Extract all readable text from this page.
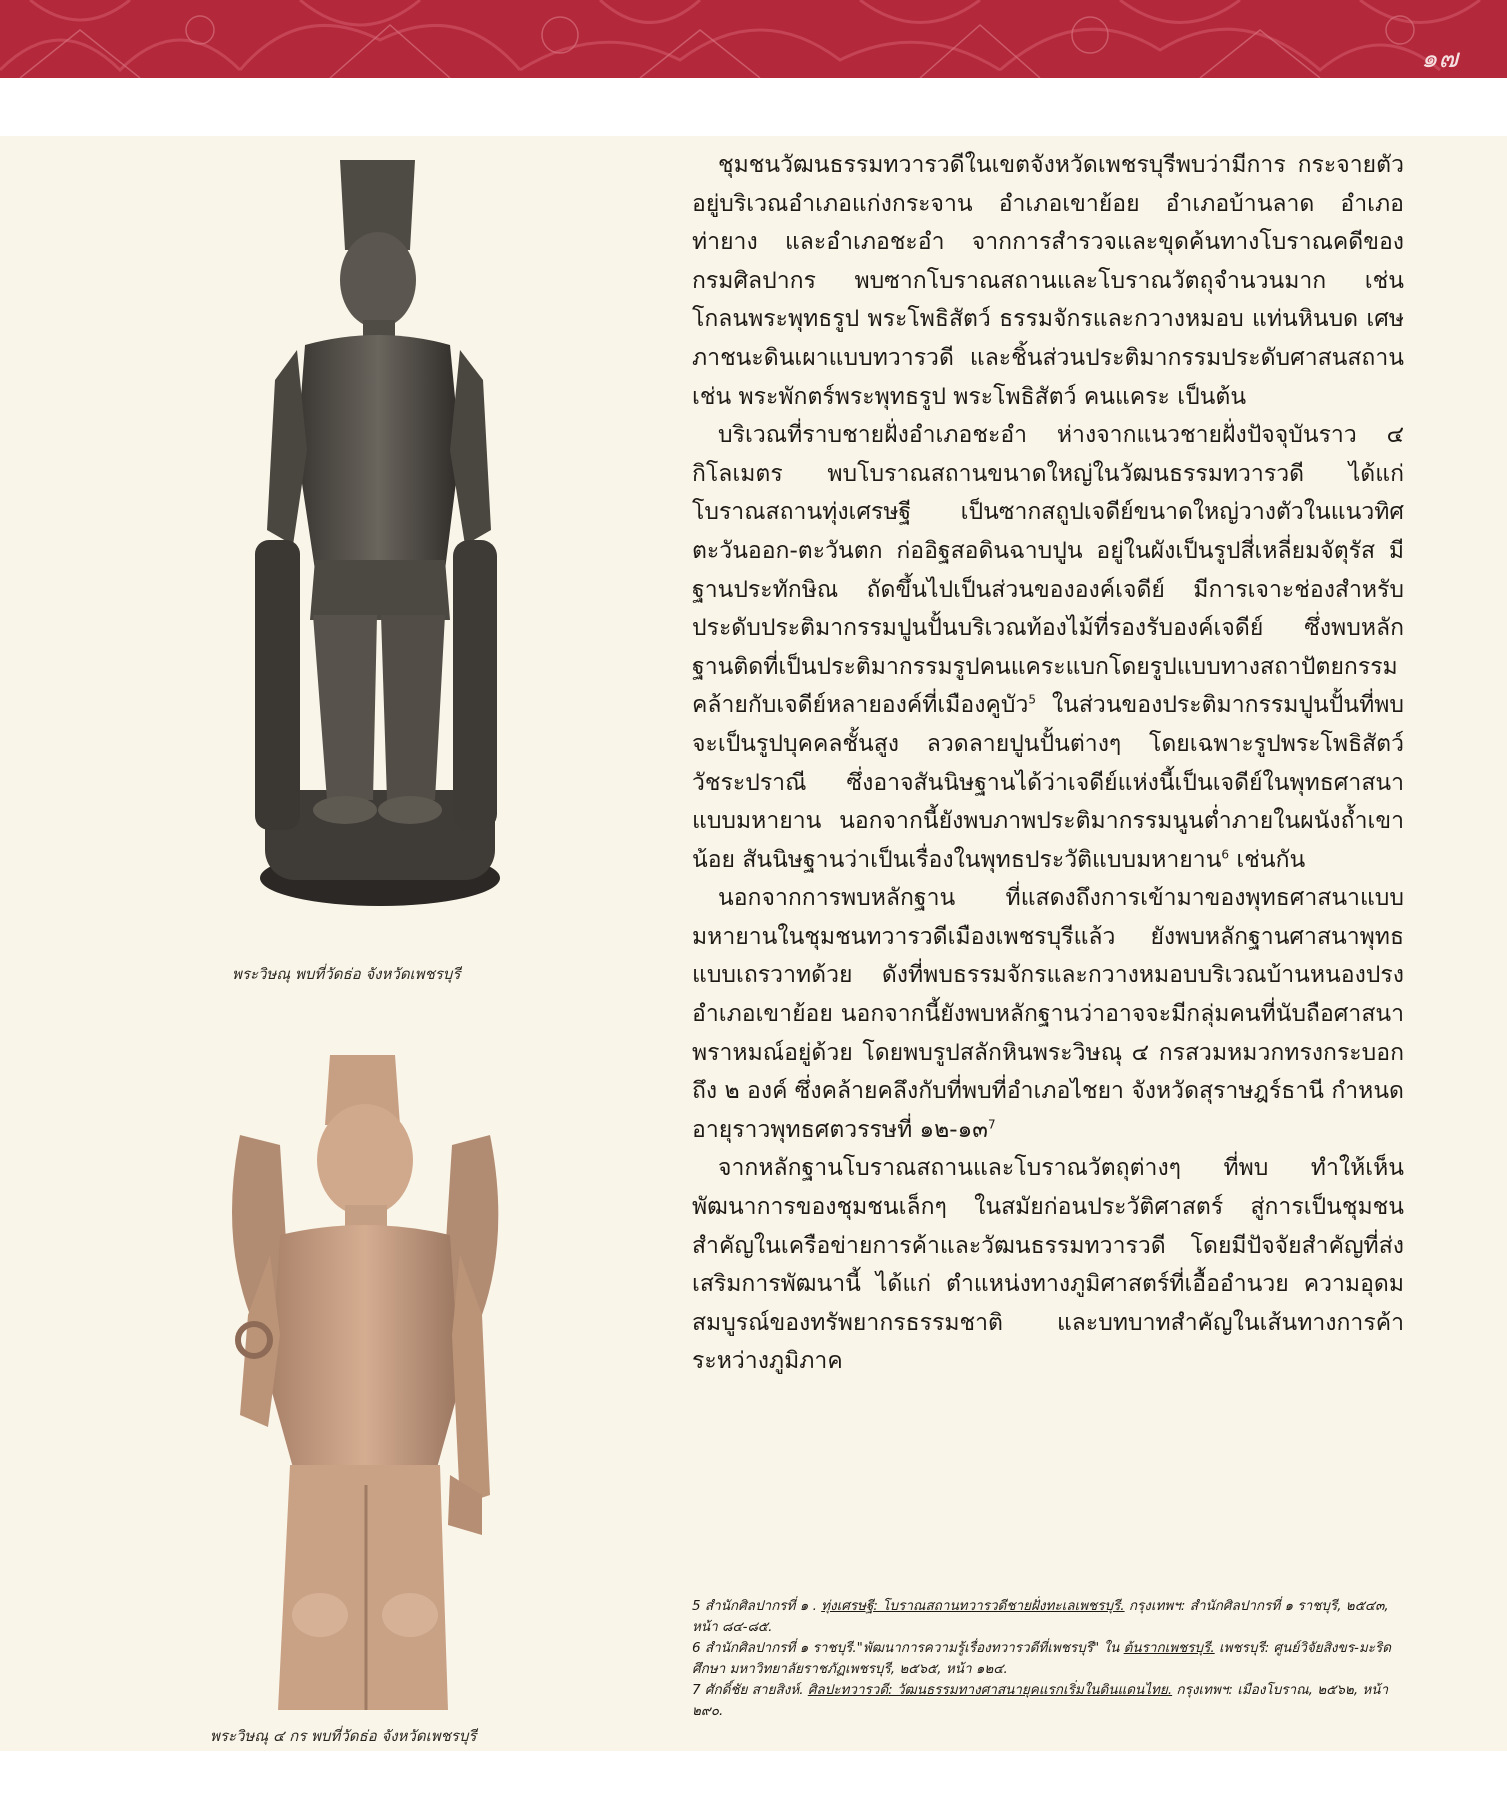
๑๗
พระวิษณุ พบที่วัดธ่อ จังหวัดเพชรบุรี
พระวิษณุ ๔ กร พบที่วัดธ่อ จังหวัดเพชรบุรี

ชุมชนวัฒนธรรมทวารวดีในเขตจังหวัดเพชรบุรีพบว่ามีการ กระจายตัวอยู่บริเวณอำเภอแก่งกระจาน อำเภอเขาย้อย อำเภอบ้านลาด อำเภอท่ายาง และอำเภอชะอำ จากการสำรวจและขุดค้นทางโบราณคดีของกรมศิลปากร พบซากโบราณสถานและโบราณวัตถุจำนวนมาก เช่น โกลนพระพุทธรูป พระโพธิสัตว์ ธรรมจักรและกวางหมอบ แท่นหินบด เศษภาชนะดินเผาแบบทวารวดี และชิ้นส่วนประติมากรรมประดับศาสนสถาน เช่น พระพักตร์พระพุทธรูป พระโพธิสัตว์ คนแคระ เป็นต้น

บริเวณที่ราบชายฝั่งอำเภอชะอำ ห่างจากแนวชายฝั่งปัจจุบันราว ๔ กิโลเมตร พบโบราณสถานขนาดใหญ่ในวัฒนธรรมทวารวดี ได้แก่ โบราณสถานทุ่งเศรษฐี เป็นซากสถูปเจดีย์ขนาดใหญ่วางตัวในแนวทิศตะวันออก-ตะวันตก ก่ออิฐสอดินฉาบปูน อยู่ในผังเป็นรูปสี่เหลี่ยมจัตุรัส มีฐานประทักษิณ ถัดขึ้นไปเป็นส่วนขององค์เจดีย์ มีการเจาะช่องสำหรับประดับประติมากรรมปูนปั้นบริเวณท้องไม้ที่รองรับองค์เจดีย์ ซึ่งพบหลักฐานติดที่เป็นประติมากรรมรูปคนแคระแบกโดยรูปแบบทางสถาปัตยกรรมคล้ายกับเจดีย์หลายองค์ที่เมืองคูบัว$^5$ ในส่วนของประติมากรรมปูนปั้นที่พบ จะเป็นรูปบุคคลชั้นสูง ลวดลายปูนปั้นต่างๆ โดยเฉพาะรูปพระโพธิสัตว์วัชระปราณี ซึ่งอาจสันนิษฐานได้ว่าเจดีย์แห่งนี้เป็นเจดีย์ในพุทธศาสนาแบบมหายาน นอกจากนี้ยังพบภาพประติมากรรมนูนต่ำภายในผนังถ้ำเขาน้อย สันนิษฐานว่าเป็นเรื่องในพุทธประวัติแบบมหายาน$^6$ เช่นกัน

นอกจากการพบหลักฐาน ที่แสดงถึงการเข้ามาของพุทธศาสนาแบบมหายานในชุมชนทวารวดีเมืองเพชรบุรีแล้ว ยังพบหลักฐานศาสนาพุทธแบบเถรวาทด้วย ดังที่พบธรรมจักรและกวางหมอบบริเวณบ้านหนองปรง อำเภอเขาย้อย นอกจากนี้ยังพบหลักฐานว่าอาจจะมีกลุ่มคนที่นับถือศาสนาพราหมณ์อยู่ด้วย โดยพบรูปสลักหินพระวิษณุ ๔ กรสวมหมวกทรงกระบอกถึง ๒ องค์ ซึ่งคล้ายคลึงกับที่พบที่อำเภอไชยา จังหวัดสุราษฎร์ธานี กำหนดอายุราวพุทธศตวรรษที่ ๑๒-๑๓$^7$

จากหลักฐานโบราณสถานและโบราณวัตถุต่างๆ ที่พบ ทำให้เห็นพัฒนาการของชุมชนเล็กๆ ในสมัยก่อนประวัติศาสตร์ สู่การเป็นชุมชนสำคัญในเครือข่ายการค้าและวัฒนธรรมทวารวดี โดยมีปัจจัยสำคัญที่ส่งเสริมการพัฒนานี้ ได้แก่ ตำแหน่งทางภูมิศาสตร์ที่เอื้ออำนวย ความอุดมสมบูรณ์ของทรัพยากรธรรมชาติ และบทบาทสำคัญในเส้นทางการค้าระหว่างภูมิภาค

5 สำนักศิลปากรที่ ๑ . ทุ่งเศรษฐี: โบราณสถานทวารวดีชายฝั่งทะเลเพชรบุรี. กรุงเทพฯ: สำนักศิลปากรที่ ๑ ราชบุรี, ๒๕๔๓, หน้า ๘๔-๘๕.
6 สำนักศิลปากรที่ ๑ ราชบุรี."พัฒนาการความรู้เรื่องทวารวดีที่เพชรบุรี" ใน ต้นรากเพชรบุรี. เพชรบุรี: ศูนย์วิจัยสิงขร-มะริดศึกษา มหาวิทยาลัยราชภัฏเพชรบุรี, ๒๕๖๕, หน้า ๑๒๔.
7 ศักดิ์ชัย สายสิงห์. ศิลปะทวารวดี: วัฒนธรรมทางศาสนายุคแรกเริ่มในดินแดนไทย. กรุงเทพฯ: เมืองโบราณ, ๒๕๖๒, หน้า ๒๙๐.
